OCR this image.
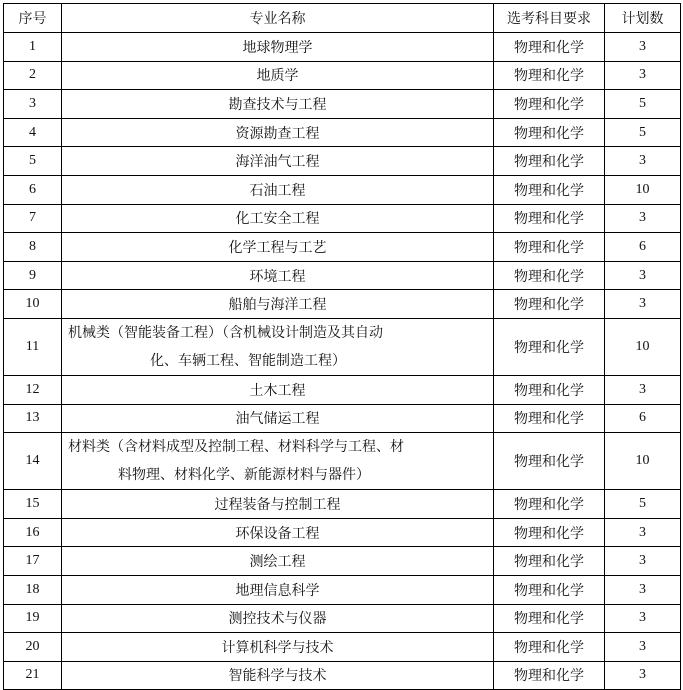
序号	专业名称	选考科目要求	计划数
1	地球物理学	物理和化学	3
2	地质学	物理和化学	3
3	勘查技术与工程	物理和化学	5
4	资源勘查工程	物理和化学	5
5	海洋油气工程	物理和化学	3
6	石油工程	物理和化学	10
7	化工安全工程	物理和化学	3
8	化学工程与工艺	物理和化学	6
9	环境工程	物理和化学	3
10	船舶与海洋工程	物理和化学	3
11	机械类（智能装备工程）（含机械设计制造及其自动
化、车辆工程、智能制造工程）	物理和化学	10
12	土木工程	物理和化学	3
13	油气储运工程	物理和化学	6
14	材料类（含材料成型及控制工程、材料科学与工程、材
料物理、材料化学、新能源材料与器件）	物理和化学	10
15	过程装备与控制工程	物理和化学	5
16	环保设备工程	物理和化学	3
17	测绘工程	物理和化学	3
18	地理信息科学	物理和化学	3
19	测控技术与仪器	物理和化学	3
20	计算机科学与技术	物理和化学	3
21	智能科学与技术	物理和化学	3
